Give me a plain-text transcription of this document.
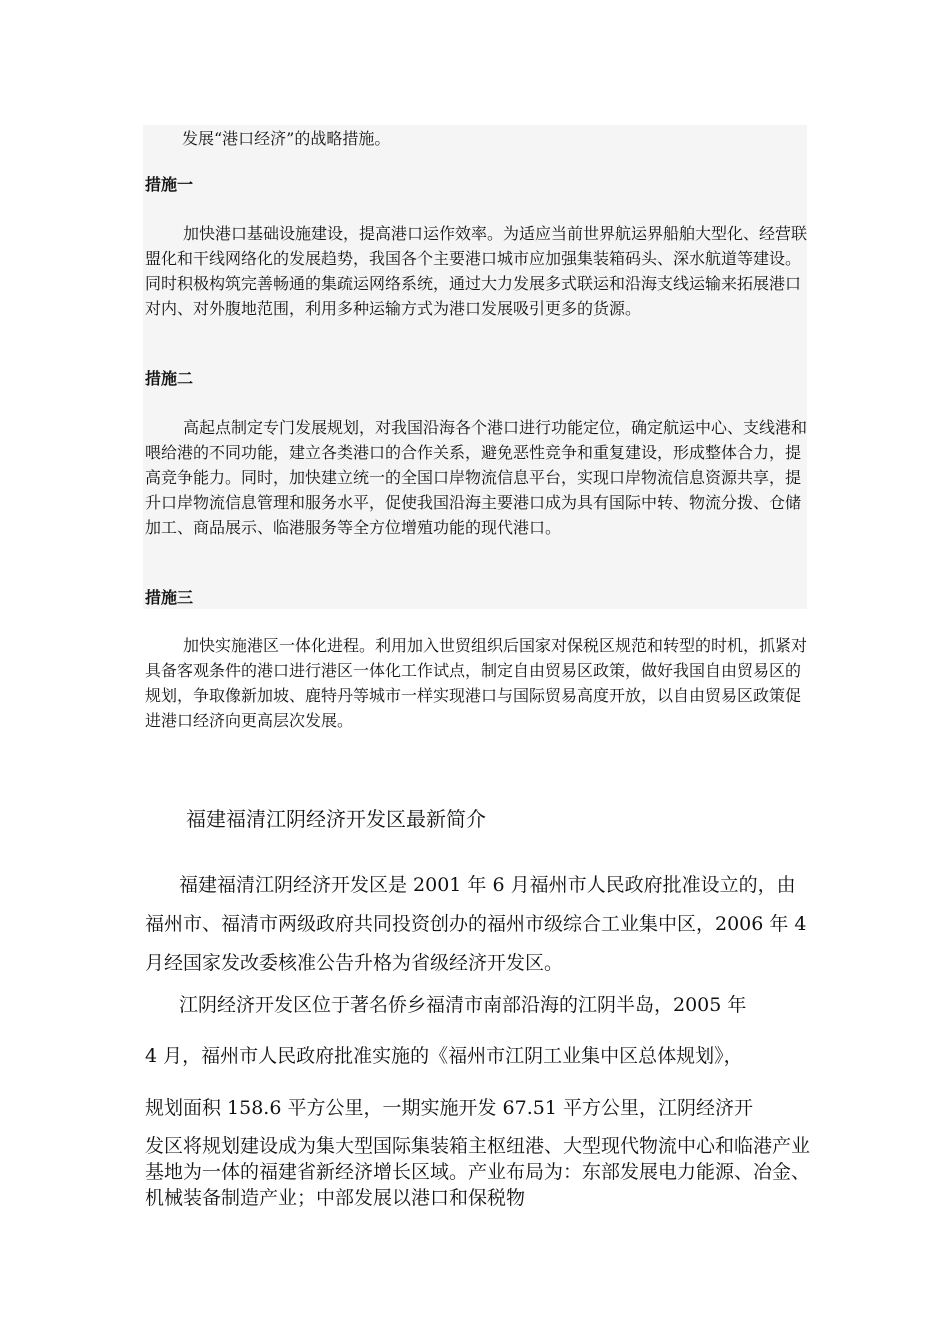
发展“港口经济”的战略措施。

措施一

加快港口基础设施建设，提高港口运作效率。为适应当前世界航运界船舶大型化、经营联盟化和干线网络化的发展趋势，我国各个主要港口城市应加强集装箱码头、深水航道等建设。同时积极构筑完善畅通的集疏运网络系统，通过大力发展多式联运和沿海支线运输来拓展港口对内、对外腹地范围，利用多种运输方式为港口发展吸引更多的货源。

措施二

高起点制定专门发展规划，对我国沿海各个港口进行功能定位，确定航运中心、支线港和喂给港的不同功能，建立各类港口的合作关系，避免恶性竞争和重复建设，形成整体合力，提高竞争能力。同时，加快建立统一的全国口岸物流信息平台，实现口岸物流信息资源共享，提升口岸物流信息管理和服务水平，促使我国沿海主要港口成为具有国际中转、物流分拨、仓储加工、商品展示、临港服务等全方位增殖功能的现代港口。

措施三

加快实施港区一体化进程。利用加入世贸组织后国家对保税区规范和转型的时机，抓紧对具备客观条件的港口进行港区一体化工作试点，制定自由贸易区政策，做好我国自由贸易区的规划，争取像新加坡、鹿特丹等城市一样实现港口与国际贸易高度开放，以自由贸易区政策促进港口经济向更高层次发展。

福建福清江阴经济开发区最新简介

福建福清江阴经济开发区是 2001 年 6 月福州市人民政府批准设立的，由福州市、福清市两级政府共同投资创办的福州市级综合工业集中区，2006 年 4 月经国家发改委核准公告升格为省级经济开发区。

江阴经济开发区位于著名侨乡福清市南部沿海的江阴半岛，2005 年

4 月，福州市人民政府批准实施的《福州市江阴工业集中区总体规划》，

规划面积 158.6 平方公里，一期实施开发 67.51 平方公里，江阴经济开

发区将规划建设成为集大型国际集装箱主枢纽港、大型现代物流中心和临港产业基地为一体的福建省新经济增长区域。产业布局为：东部发展电力能源、冶金、机械装备制造产业；中部发展以港口和保税物
